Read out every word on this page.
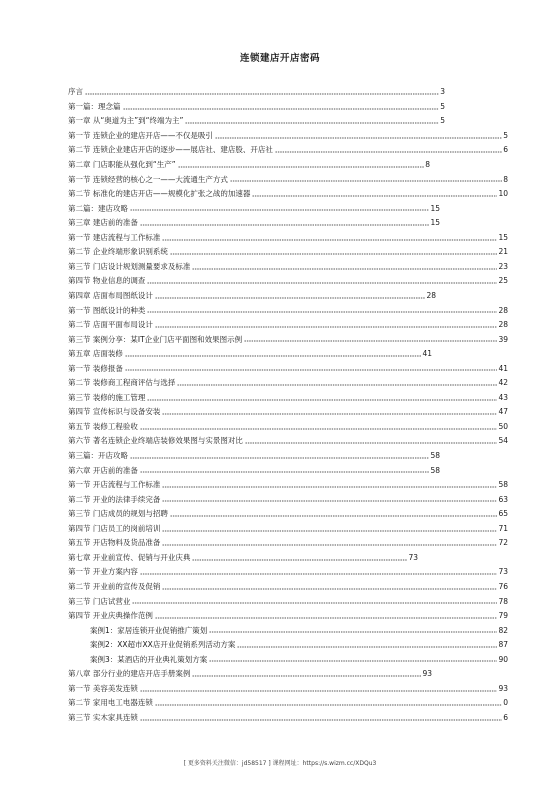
连锁建店开店密码
序言	3
第一篇：理念篇	5
第一章 从“奥道为主”到“终端为主”	5
第一节 连锁企业的建店开店——不仅是吸引	5
第二节 连锁企业建店开店的逐步——展店社、建店股、开店社	6
第二章 门店职能从强化到“生产”	8
第一节 连锁经营的核心之一——大流通生产方式	8
第二节 标准化的建店开店——规模化扩张之战的加速器	10
第二篇：建店攻略	15
第三章 建店前的准备	15
第一节 建店流程与工作标准	15
第二节 企业终端形象识别系统	21
第三节 门店设计规划测量要求及标准	23
第四节 物业信息的调查	25
第四章 店面布局图纸设计	28
第一节 图纸设计的种类	28
第二节 店面平面布局设计	28
第三节 案例分享：某IT企业门店平面图和效果图示例	39
第五章 店面装修	41
第一节 装修报备	41
第二节 装修商工程商评估与选择	42
第三节 装修的施工管理	43
第四节 宣传标识与设备安装	47
第五节 装修工程验收	50
第六节 著名连锁企业终端店装修效果图与实景图对比	54
第三篇：开店攻略	58
第六章 开店前的准备	58
第一节 开店流程与工作标准	58
第二节 开业的法律手续完备	63
第三节 门店成员的规划与招聘	65
第四节 门店员工的岗前培训	71
第五节 开店物料及货品准备	72
第七章 开业前宣传、促销与开业庆典	73
第一节 开业方案内容	73
第二节 开业前的宣传及促销	76
第三节 门店试营业	78
第四节 开业庆典操作范例	79
案例1：家居连锁开业促销推广策划	82
案例2：XX超市XX店开业促销系列活动方案	87
案例3：某酒店的开业典礼策划方案	90
第八章 部分行业的建店开店手册案例	93
第一节 美容美发连锁	93
第二节 家用电工电器连锁	0
第三节 实木家具连锁	6
[ 更多资料关注微信：jd58517 ] 课程网址：https://s.wizm.cc/XDQu3
